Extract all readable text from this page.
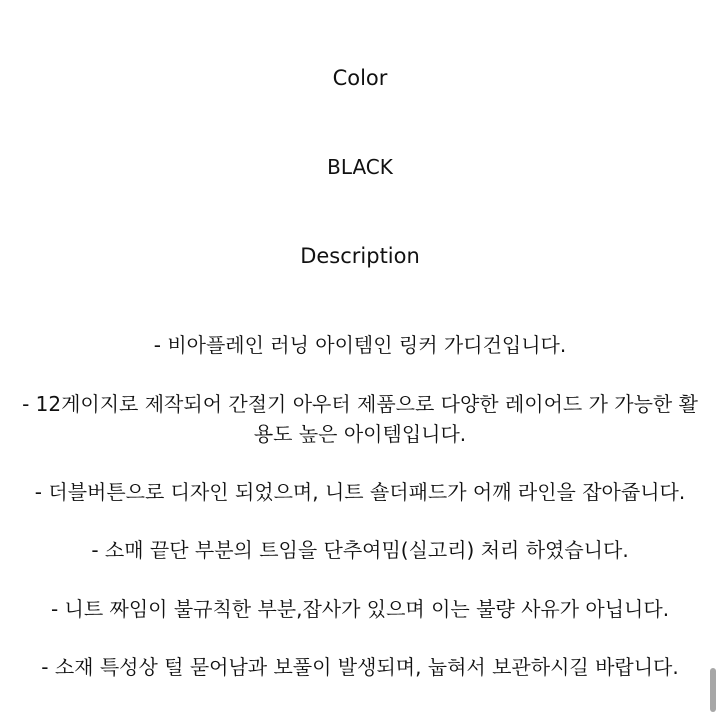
Color
BLACK
Description
- 비아플레인 러닝 아이템인 링커 가디건입니다.
- 12게이지로 제작되어 간절기 아우터 제품으로 다양한 레이어드 가 가능한 활
용도 높은 아이템입니다.
- 더블버튼으로 디자인 되었으며, 니트 숄더패드가 어깨 라인을 잡아줍니다.
- 소매 끝단 부분의 트임을 단추여밈(실고리) 처리 하였습니다.
- 니트 짜임이 불규칙한 부분,잡사가 있으며 이는 불량 사유가 아닙니다.
- 소재 특성상 털 묻어남과 보풀이 발생되며, 눕혀서 보관하시길 바랍니다.
